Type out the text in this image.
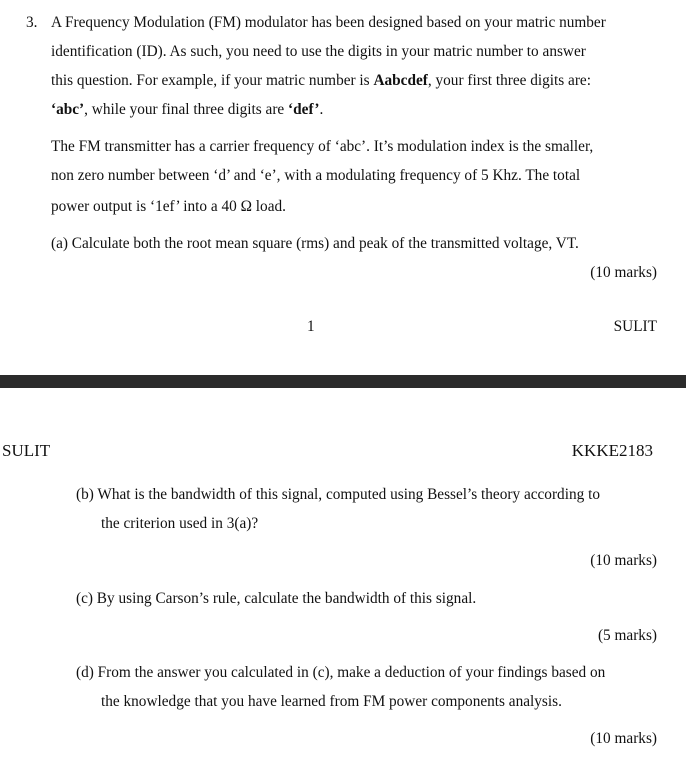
3. A Frequency Modulation (FM) modulator has been designed based on your matric number
identification (ID). As such, you need to use the digits in your matric number to answer
this question. For example, if your matric number is Aabcdef, your first three digits are:
‘abc’, while your final three digits are ‘def’.
The FM transmitter has a carrier frequency of ‘abc’. It’s modulation index is the smaller,
non zero number between ‘d’ and ‘e’, with a modulating frequency of 5 Khz. The total
power output is ‘1ef’ into a 40 Ω load.
(a) Calculate both the root mean square (rms) and peak of the transmitted voltage, VT.
(10 marks)
1	SULIT
SULIT	KKKE2183
(b) What is the bandwidth of this signal, computed using Bessel’s theory according to
the criterion used in 3(a)?
(10 marks)
(c) By using Carson’s rule, calculate the bandwidth of this signal.
(5 marks)
(d) From the answer you calculated in (c), make a deduction of your findings based on
the knowledge that you have learned from FM power components analysis.
(10 marks)
